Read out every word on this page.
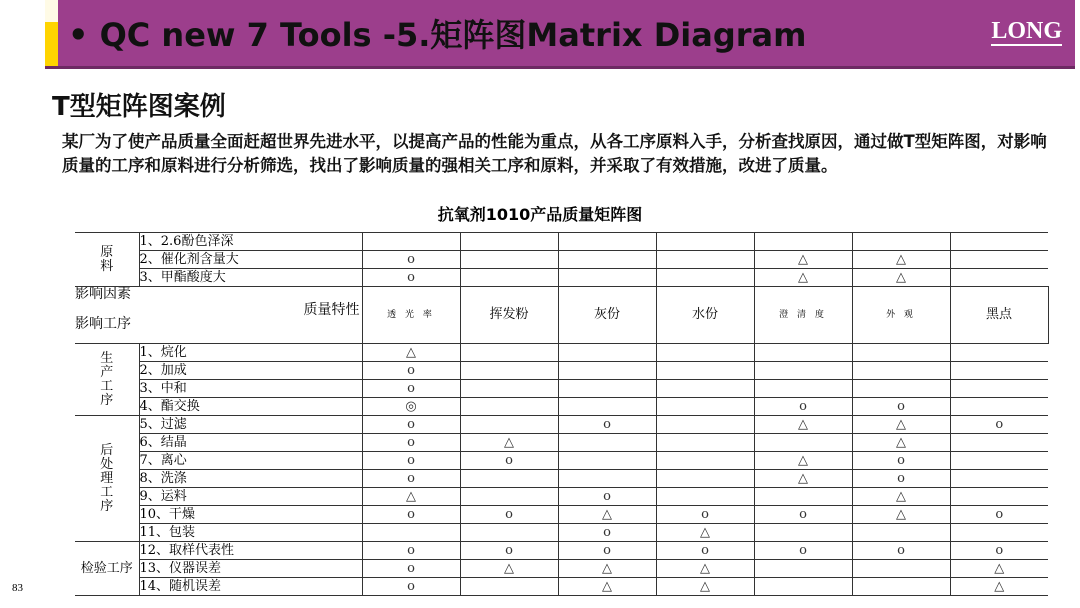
• QC new 7 Tools -5.矩阵图Matrix Diagram	LONG
T型矩阵图案例
某厂为了使产品质量全面赶超世界先进水平，以提高产品的性能为重点，从各工序原料入手，分析查找原因，通过做T型矩阵图，对影响质量的工序和原料进行分析筛选，找出了影响质量的强相关工序和原料，并采取了有效措施，改进了质量。
抗氧剂1010产品质量矩阵图
原
料	1、2.6酚色泽深							
	2、催化剂含量大	o				△	△	
	3、甲酯酸度大	o				△	△	

影响因素
影响工序
质量特性		透 光 率	挥发粉	灰份	水份	澄 清 度	外 观	黑点
生
产
工
序	1、烷化	△						
	2、加成	o						
	3、中和	o						
	4、酯交换	◎				o	o	
后
处
理
工
序	5、过滤	o		o		△	△	o
	6、结晶	o	△				△	
	7、离心	o	o			△	o	
	8、洗涤	o				△	o	
	9、运料	△		o			△	
	10、干燥	o	o	△	o	o	△	o
	11、包装			o	△			
检验工序	12、取样代表性	o	o	o	o	o	o	o
	13、仪器误差	o	△	△	△			△
	14、随机误差	o		△	△			△
83
